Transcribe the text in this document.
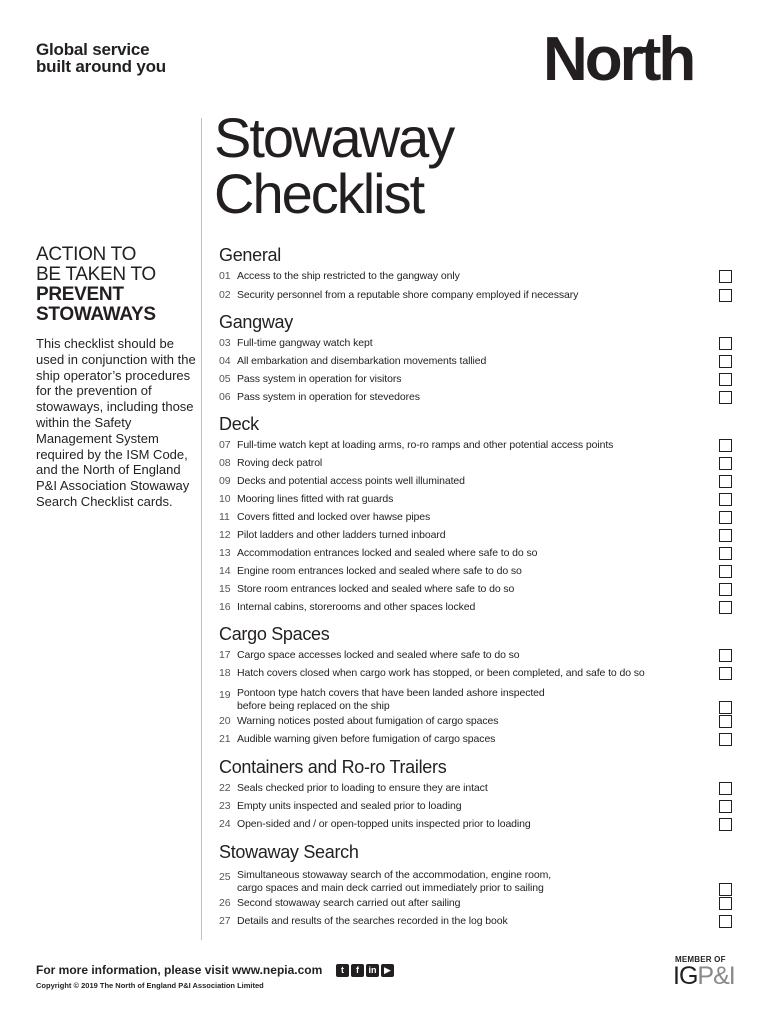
Global service
built around you	North
Stowaway
Checklist
ACTION TO
BE TAKEN TO
PREVENT
STOWAWAYS
This checklist should be used in conjunction with the ship operator’s procedures for the prevention of stowaways, including those within the Safety Management System required by the ISM Code, and the North of England P&I Association Stowaway Search Checklist cards.
General
01 Access to the ship restricted to the gangway only
02 Security personnel from a reputable shore company employed if necessary
Gangway
03 Full-time gangway watch kept
04 All embarkation and disembarkation movements tallied
05 Pass system in operation for visitors
06 Pass system in operation for stevedores
Deck
07 Full-time watch kept at loading arms, ro-ro ramps and other potential access points
08 Roving deck patrol
09 Decks and potential access points well illuminated
10 Mooring lines fitted with rat guards
11 Covers fitted and locked over hawse pipes
12 Pilot ladders and other ladders turned inboard
13 Accommodation entrances locked and sealed where safe to do so
14 Engine room entrances locked and sealed where safe to do so
15 Store room entrances locked and sealed where safe to do so
16 Internal cabins, storerooms and other spaces locked
Cargo Spaces
17 Cargo space accesses locked and sealed where safe to do so
18 Hatch covers closed when cargo work has stopped, or been completed, and safe to do so
19 Pontoon type hatch covers that have been landed ashore inspected
before being replaced on the ship
20 Warning notices posted about fumigation of cargo spaces
21 Audible warning given before fumigation of cargo spaces
Containers and Ro-ro Trailers
22 Seals checked prior to loading to ensure they are intact
23 Empty units inspected and sealed prior to loading
24 Open-sided and / or open-topped units inspected prior to loading
Stowaway Search
25 Simultaneous stowaway search of the accommodation, engine room,
cargo spaces and main deck carried out immediately prior to sailing
26 Second stowaway search carried out after sailing
27 Details and results of the searches recorded in the log book
For more information, please visit www.nepia.com	t f in ▶
Copyright © 2019 The North of England P&I Association Limited
MEMBER OF
IGP&I
